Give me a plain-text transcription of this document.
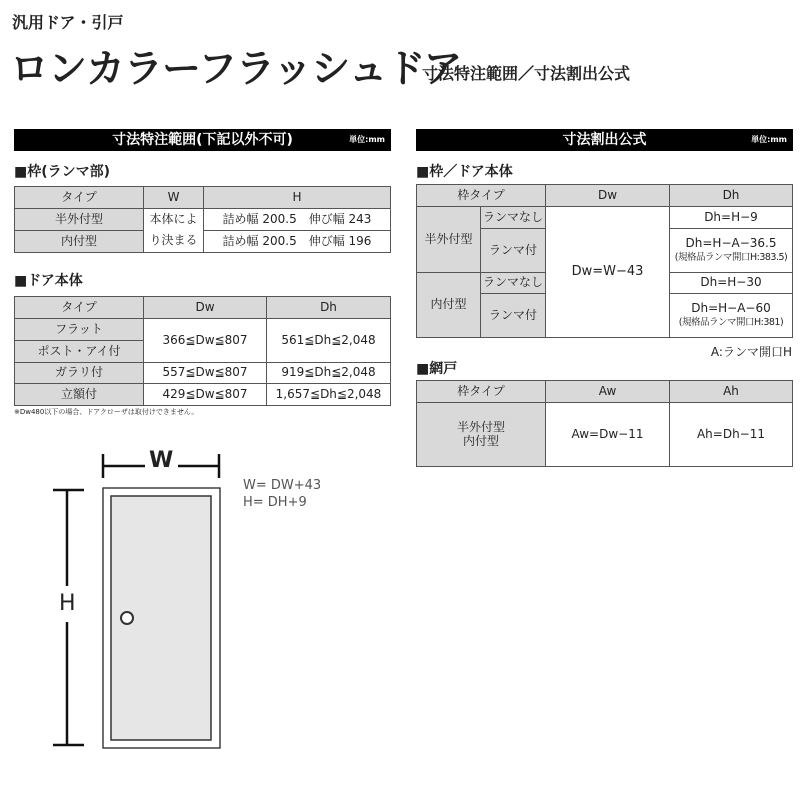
汎用ドア・引戸
ロンカラーフラッシュドア
寸法特注範囲／寸法割出公式
寸法特注範囲(下記以外不可)	単位:mm
■枠(ランマ部)
タイプ	W	H
半外付型	本体によ	詰め幅 200.5　伸び幅 243
内付型	り決まる	詰め幅 200.5　伸び幅 196
■ドア本体
タイプ	Dw	Dh
フラット	366≦Dw≦807	561≦Dh≦2,048
ポスト・アイ付		
ガラリ付	557≦Dw≦807	919≦Dh≦2,048
立額付	429≦Dw≦807	1,657≦Dh≦2,048
※Dw480以下の場合、ドアクローザは取付けできません。
寸法割出公式	単位:mm
■枠／ドア本体
枠タイプ		Dw	Dh
半外付型	ランマなし	Dw=W−43	Dh=H−9
	ランマ付		Dh=H−A−36.5
(規格品ランマ開口H:383.5)
内付型	ランマなし		Dh=H−30
	ランマ付		Dh=H−A−60
(規格品ランマ開口H:381)
A:ランマ開口H
■網戸
枠タイプ	Aw	Ah

半外付型
内付型	Aw=Dw−11	Ah=Dh−11
W
H
W= DW+43
H= DH+9
